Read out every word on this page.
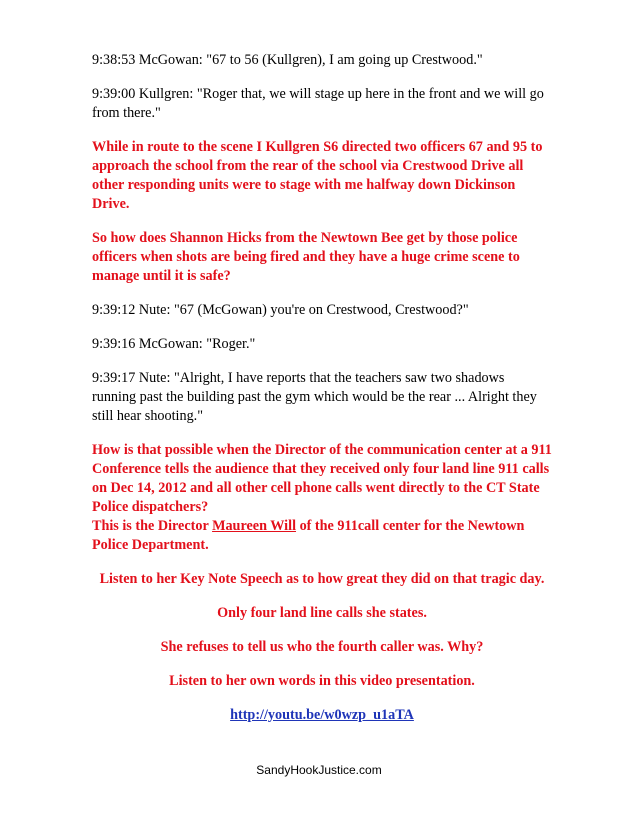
9:38:53 McGowan: "67 to 56 (Kullgren), I am going up Crestwood."

9:39:00 Kullgren: "Roger that, we will stage up here in the front and we will go from there."

While in route to the scene I Kullgren S6 directed two officers 67 and 95 to approach the school from the rear of the school via Crestwood Drive all other responding units were to stage with me halfway down Dickinson Drive.

So how does Shannon Hicks from the Newtown Bee get by those police officers when shots are being fired and they have a huge crime scene to manage until it is safe?

9:39:12 Nute: "67 (McGowan) you're on Crestwood, Crestwood?"

9:39:16 McGowan: "Roger."

9:39:17 Nute: "Alright, I have reports that the teachers saw two shadows running past the building past the gym which would be the rear ... Alright they still hear shooting."

How is that possible when the Director of the communication center at a 911 Conference tells the audience that they received only four land line 911 calls on Dec 14, 2012 and all other cell phone calls went directly to the CT State Police dispatchers?

This is the Director Maureen Will of the 911call center for the Newtown Police Department.

Listen to her Key Note Speech as to how great they did on that tragic day.

Only four land line calls she states.

She refuses to tell us who the fourth caller was. Why?

Listen to her own words in this video presentation.

http://youtu.be/w0wzp_u1aTA

SandyHookJustice.com
